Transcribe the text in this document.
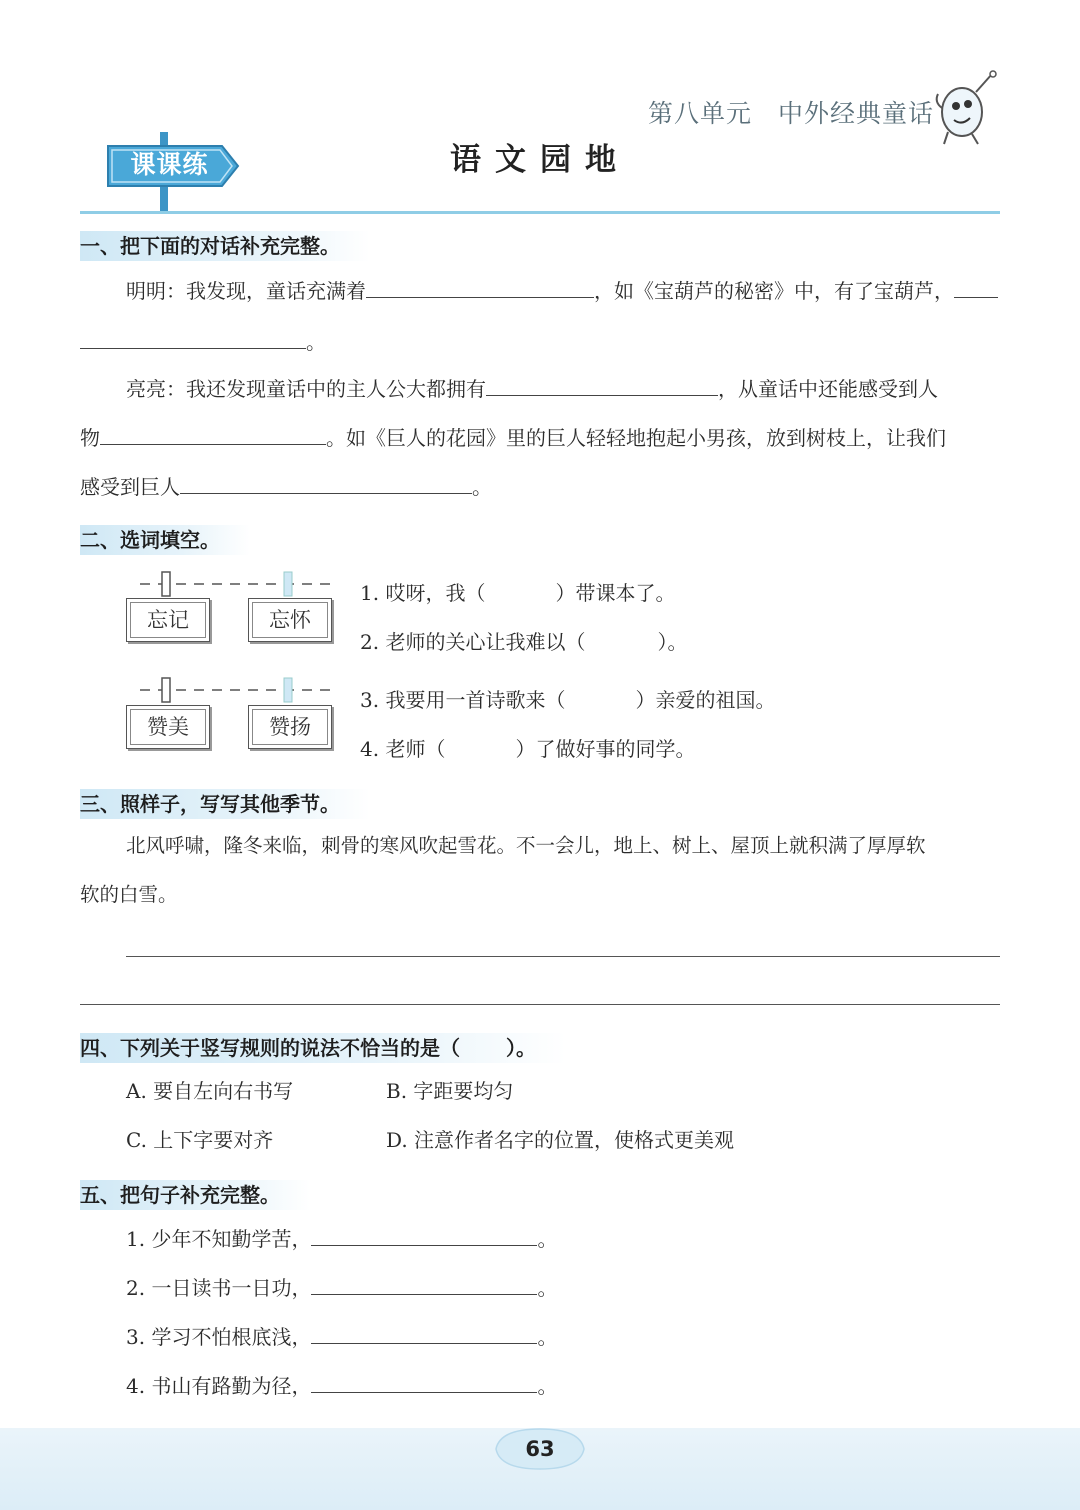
第八单元 中外经典童话
课课练	语文园地
一、把下面的对话补充完整。
明明：我发现，童话充满着	，如《宝葫芦的秘密》中，有了宝葫芦，
。
亮亮：我还发现童话中的主人公大都拥有	，从童话中还能感受到人
物	。如《巨人的花园》里的巨人轻轻地抱起小男孩，放到树枝上，让我们
感受到巨人	。
二、选词填空。
忘记	忘怀
赞美	赞扬
1. 哎呀，我（	）带课本了。
2. 老师的关心让我难以（	）。
3. 我要用一首诗歌来（	）亲爱的祖国。
4. 老师（	）了做好事的同学。
三、照样子，写写其他季节。
北风呼啸，隆冬来临，刺骨的寒风吹起雪花。不一会儿，地上、树上、屋顶上就积满了厚厚软
软的白雪。
四、下列关于竖写规则的说法不恰当的是（ ）。
A. 要自左向右书写	B. 字距要均匀
C. 上下字要对齐	D. 注意作者名字的位置，使格式更美观
五、把句子补充完整。
1. 少年不知勤学苦，	。
2. 一日读书一日功，	。
3. 学习不怕根底浅，	。
4. 书山有路勤为径，	。
63
